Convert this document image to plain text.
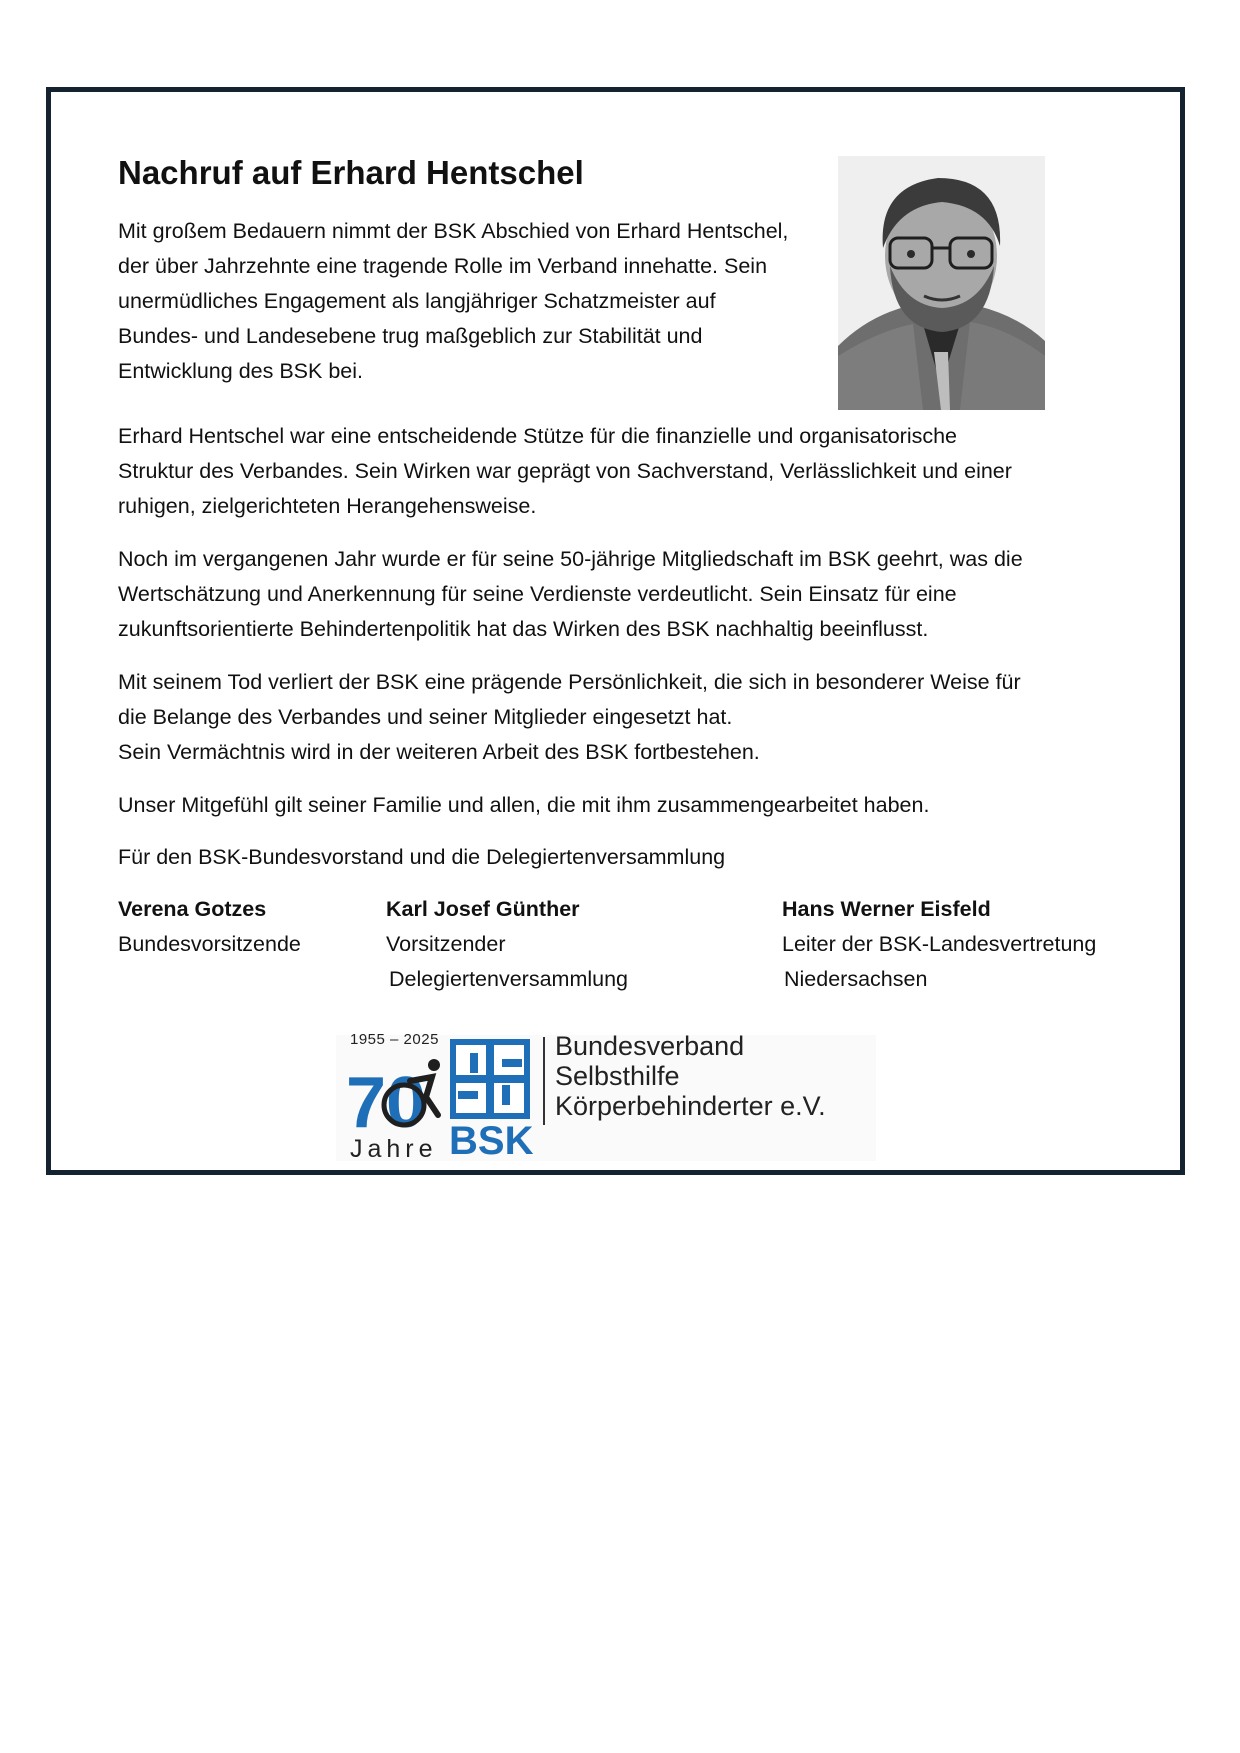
Nachruf auf Erhard Hentschel

Mit großem Bedauern nimmt der BSK Abschied von Erhard Hentschel,
der über Jahrzehnte eine tragende Rolle im Verband innehatte. Sein
unermüdliches Engagement als langjähriger Schatzmeister auf
Bundes- und Landesebene trug maßgeblich zur Stabilität und
Entwicklung des BSK bei.

Erhard Hentschel war eine entscheidende Stütze für die finanzielle und organisatorische
Struktur des Verbandes. Sein Wirken war geprägt von Sachverstand, Verlässlichkeit und einer
ruhigen, zielgerichteten Herangehensweise.

Noch im vergangenen Jahr wurde er für seine 50-jährige Mitgliedschaft im BSK geehrt, was die
Wertschätzung und Anerkennung für seine Verdienste verdeutlicht. Sein Einsatz für eine
zukunftsorientierte Behindertenpolitik hat das Wirken des BSK nachhaltig beeinflusst.

Mit seinem Tod verliert der BSK eine prägende Persönlichkeit, die sich in besonderer Weise für
die Belange des Verbandes und seiner Mitglieder eingesetzt hat.
Sein Vermächtnis wird in der weiteren Arbeit des BSK fortbestehen.

Unser Mitgefühl gilt seiner Familie und allen, die mit ihm zusammengearbeitet haben.

Für den BSK-Bundesvorstand und die Delegiertenversammlung

Verena Gotzes
Bundesvorsitzende
Karl Josef Günther
Vorsitzender
Delegiertenversammlung
Hans Werner Eisfeld
Leiter der BSK-Landesvertretung
Niedersachsen
1955 – 2025
70
Jahre BSK
Bundesverband
Selbsthilfe
Körperbehinderter e.V.
